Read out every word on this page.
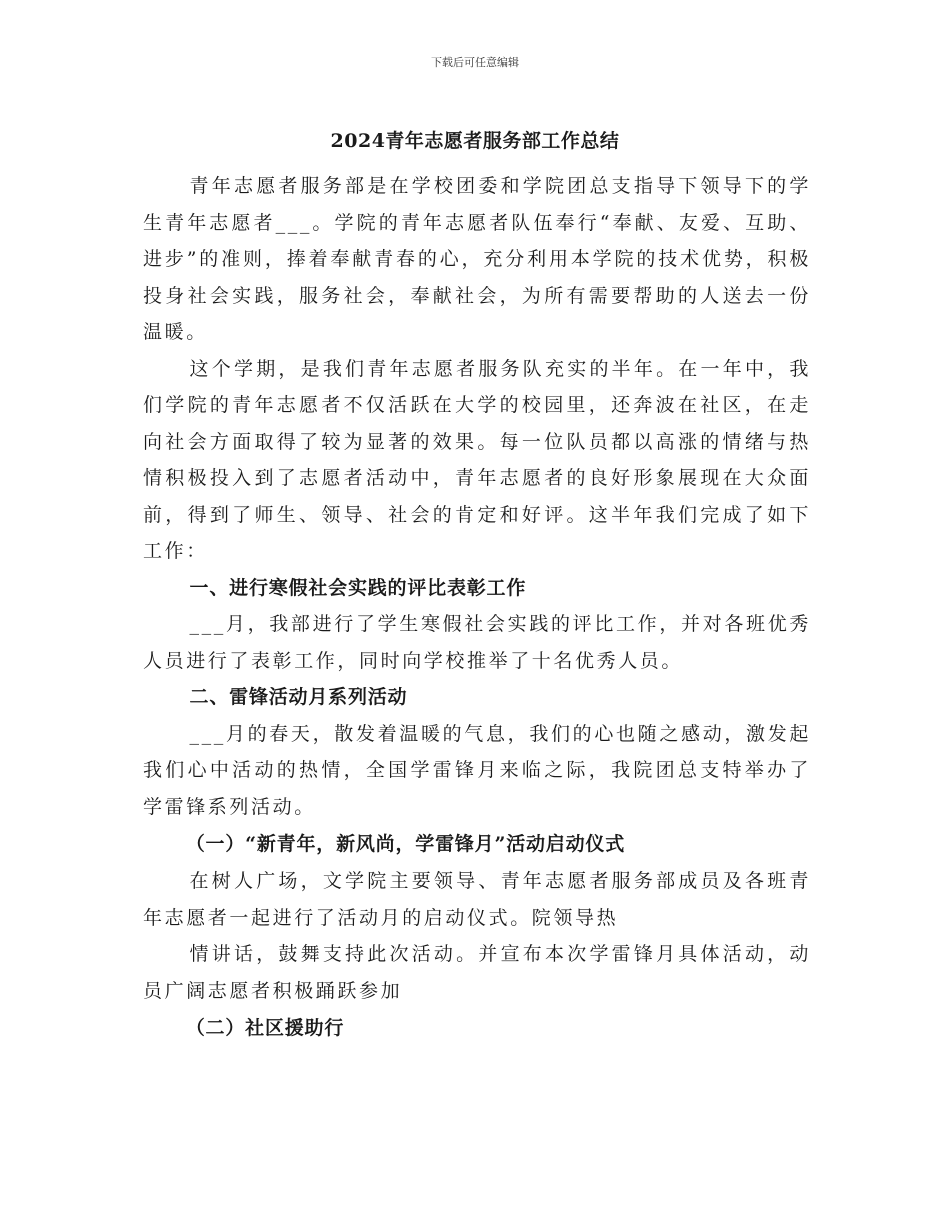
下载后可任意编辑
2024青年志愿者服务部工作总结

青年志愿者服务部是在学校团委和学院团总支指导下领导下的学生青年志愿者___。学院的青年志愿者队伍奉行“奉献、友爱、互助、进步”的准则，捧着奉献青春的心，充分利用本学院的技术优势，积极投身社会实践，服务社会，奉献社会，为所有需要帮助的人送去一份温暖。

这个学期，是我们青年志愿者服务队充实的半年。在一年中，我们学院的青年志愿者不仅活跃在大学的校园里，还奔波在社区，在走向社会方面取得了较为显著的效果。每一位队员都以高涨的情绪与热情积极投入到了志愿者活动中，青年志愿者的良好形象展现在大众面前，得到了师生、领导、社会的肯定和好评。这半年我们完成了如下工作：

一、进行寒假社会实践的评比表彰工作

___月，我部进行了学生寒假社会实践的评比工作，并对各班优秀人员进行了表彰工作，同时向学校推举了十名优秀人员。

二、雷锋活动月系列活动

___月的春天，散发着温暖的气息，我们的心也随之感动，激发起我们心中活动的热情，全国学雷锋月来临之际，我院团总支特举办了学雷锋系列活动。

（一）“新青年，新风尚，学雷锋月”活动启动仪式

在树人广场，文学院主要领导、青年志愿者服务部成员及各班青年志愿者一起进行了活动月的启动仪式。院领导热

情讲话，鼓舞支持此次活动。并宣布本次学雷锋月具体活动，动员广阔志愿者积极踊跃参加

（二）社区援助行
